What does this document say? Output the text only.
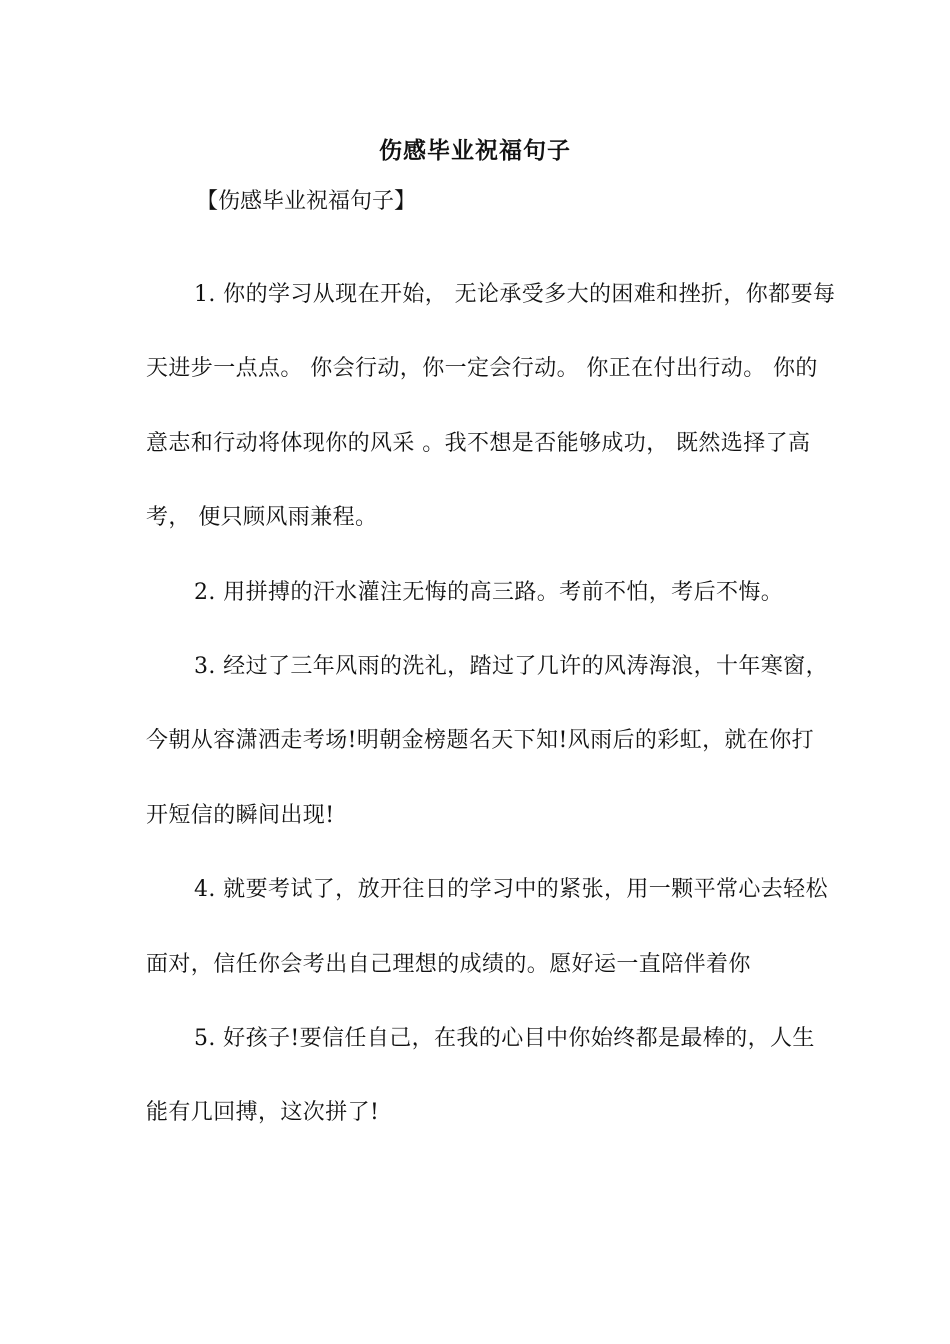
伤感毕业祝福句子
【伤感毕业祝福句子】

1. 你的学习从现在开始， 无论承受多大的困难和挫折，你都要每天进步一点点。 你会行动，你一定会行动。 你正在付出行动。 你的意志和行动将体现你的风采 。我不想是否能够成功， 既然选择了高考， 便只顾风雨兼程。

2. 用拼搏的汗水灌注无悔的高三路。考前不怕，考后不悔。

3. 经过了三年风雨的洗礼，踏过了几许的风涛海浪，十年寒窗，今朝从容潇洒走考场!明朝金榜题名天下知!风雨后的彩虹，就在你打开短信的瞬间出现!

4. 就要考试了，放开往日的学习中的紧张，用一颗平常心去轻松面对，信任你会考出自己理想的成绩的。愿好运一直陪伴着你

5. 好孩子!要信任自己，在我的心目中你始终都是最棒的，人生能有几回搏，这次拼了!
